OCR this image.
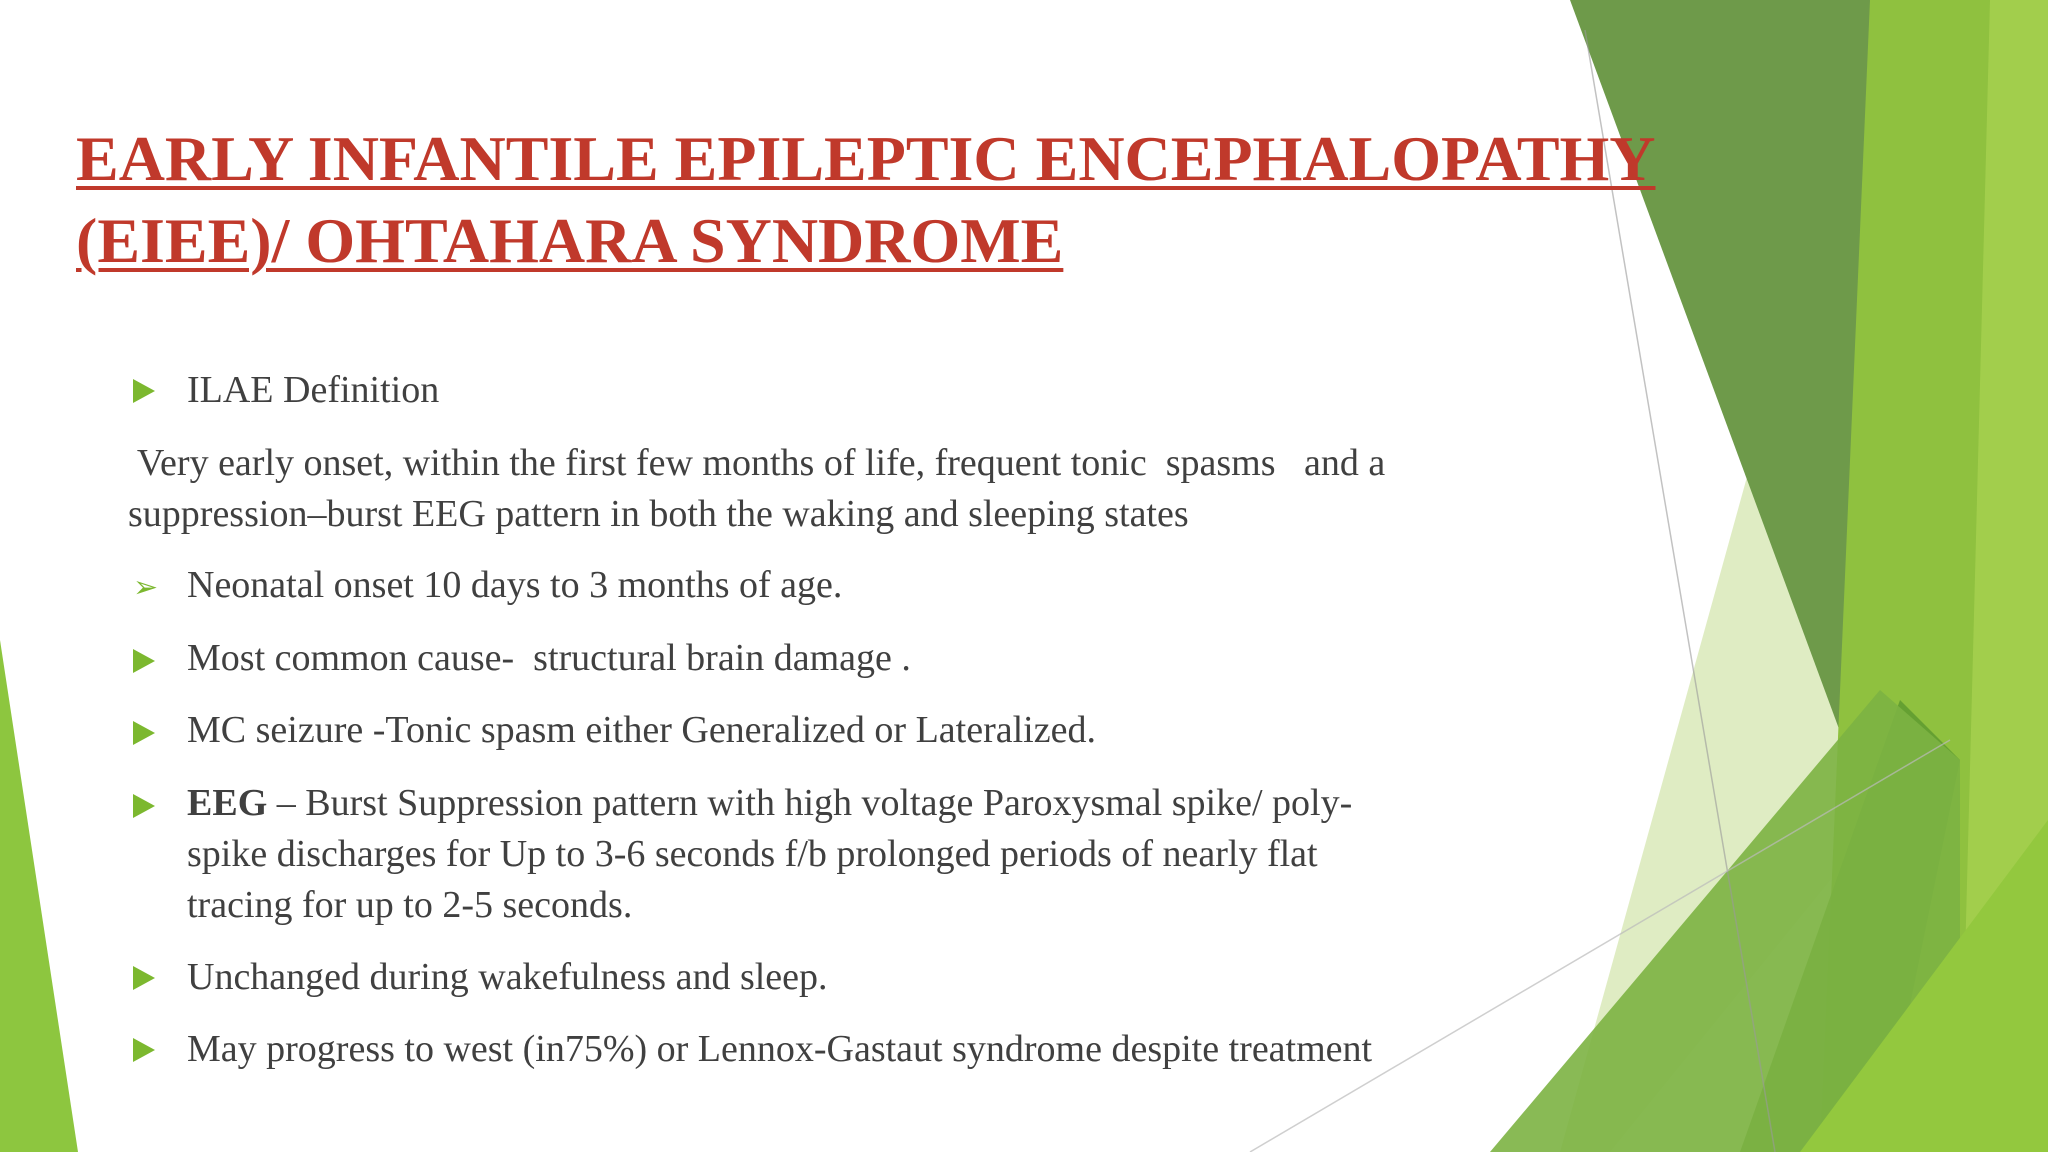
EARLY INFANTILE EPILEPTIC ENCEPHALOPATHY
(EIEE)/ OHTAHARA SYNDROME
ILAE Definition
Very early onset, within the first few months of life, frequent tonic  spasms   and a
suppression–burst EEG pattern in both the waking and sleeping states
➢ Neonatal onset 10 days to 3 months of age.
Most common cause-  structural brain damage .
MC seizure -Tonic spasm either Generalized or Lateralized.
EEG – Burst Suppression pattern with high voltage Paroxysmal spike/ poly-
spike discharges for Up to 3-6 seconds f/b prolonged periods of nearly flat
tracing for up to 2-5 seconds.
Unchanged during wakefulness and sleep.
May progress to west (in75%) or Lennox-Gastaut syndrome despite treatment
